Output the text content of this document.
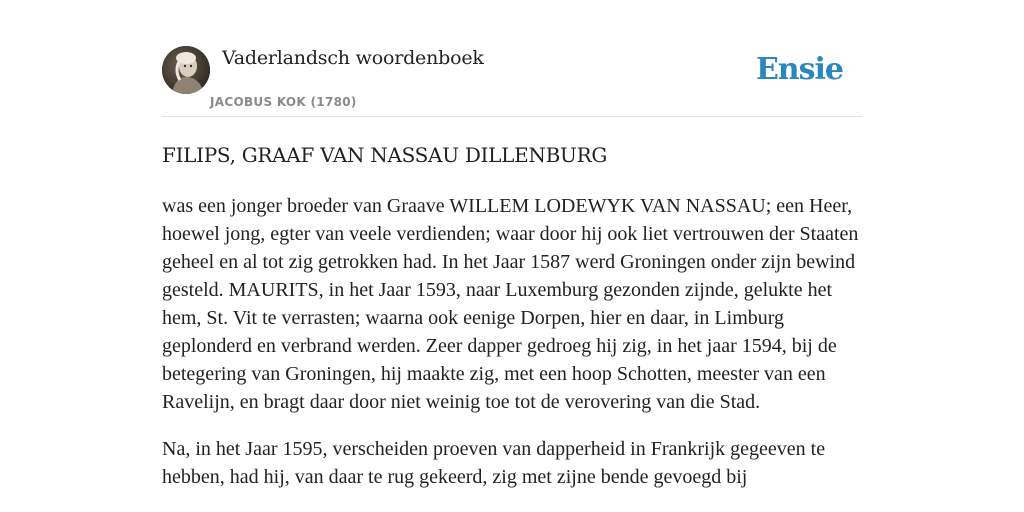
Vaderlandsch woordenboek
JACOBUS KOK (1780)
Ensie
FILIPS, GRAAF VAN NASSAU DILLENBURG

was een jonger broeder van Graave WILLEM LODEWYK VAN NASSAU; een Heer, hoewel jong, egter van veele verdienden; waar door hij ook liet vertrouwen der Staaten geheel en al tot zig getrokken had. In het Jaar 1587 werd Groningen onder zijn bewind gesteld. MAURITS, in het Jaar 1593, naar Luxemburg gezonden zijnde, gelukte het hem, St. Vit te verrasten; waarna ook eenige Dorpen, hier en daar, in Limburg geplonderd en verbrand werden. Zeer dapper gedroeg hij zig, in het jaar 1594, bij de betegering van Groningen, hij maakte zig, met een hoop Schotten, meester van een Ravelijn, en bragt daar door niet weinig toe tot de verovering van die Stad.

Na, in het Jaar 1595, verscheiden proeven van dapperheid in Frankrijk gegeeven te hebben, had hij, van daar te rug gekeerd, zig met zijne bende gevoegd bij
